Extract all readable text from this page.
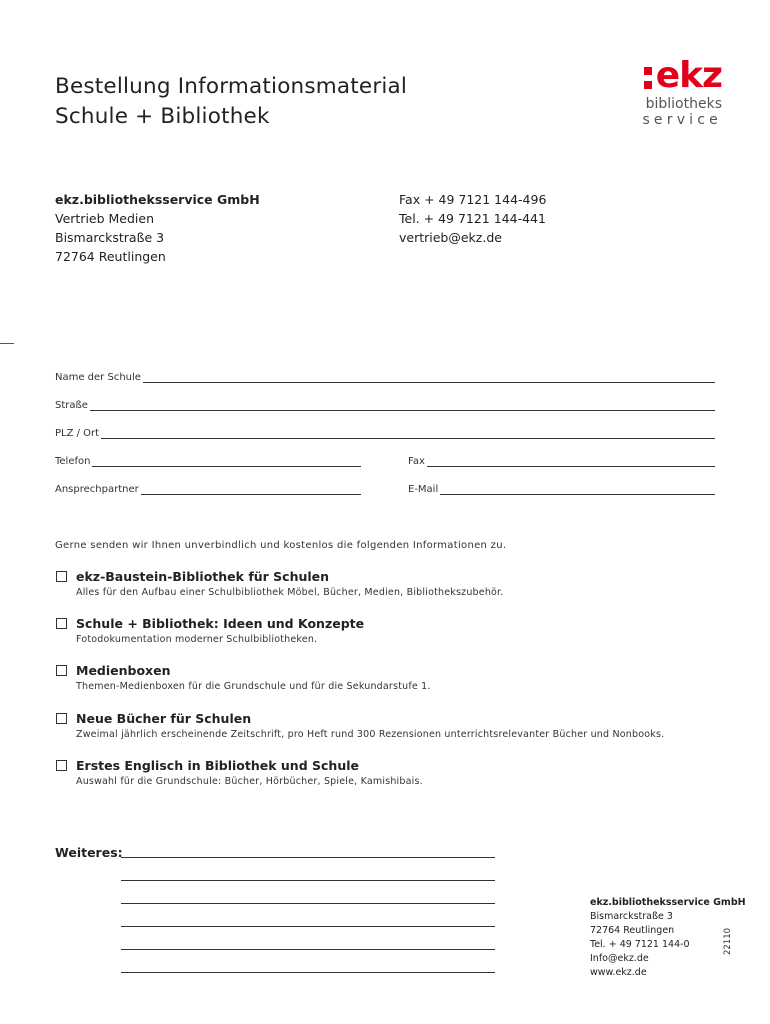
Bestellung Informationsmaterial
Schule + Bibliothek
ekz
bibliotheks
service
ekz.bibliotheksservice GmbH
Vertrieb Medien
Bismarckstraße 3
72764 Reutlingen
Fax + 49 7121 144-496
Tel. + 49 7121 144-441
vertrieb@ekz.de
Name der Schule
Straße
PLZ / Ort
Telefon	Fax
Ansprechpartner	E-Mail
Gerne senden wir Ihnen unverbindlich und kostenlos die folgenden Informationen zu.
ekz-Baustein-Bibliothek für Schulen
Alles für den Aufbau einer Schulbibliothek Möbel, Bücher, Medien, Bibliothekszubehör.
Schule + Bibliothek: Ideen und Konzepte
Fotodokumentation moderner Schulbibliotheken.
Medienboxen
Themen-Medienboxen für die Grundschule und für die Sekundarstufe 1.
Neue Bücher für Schulen
Zweimal jährlich erscheinende Zeitschrift, pro Heft rund 300 Rezensionen unterrichtsrelevanter Bücher und Nonbooks.
Erstes Englisch in Bibliothek und Schule
Auswahl für die Grundschule: Bücher, Hörbücher, Spiele, Kamishibais.
Weiteres:
ekz.bibliotheksservice GmbH
Bismarckstraße 3
72764 Reutlingen
Tel. + 49 7121 144-0
Info@ekz.de
www.ekz.de
22110
